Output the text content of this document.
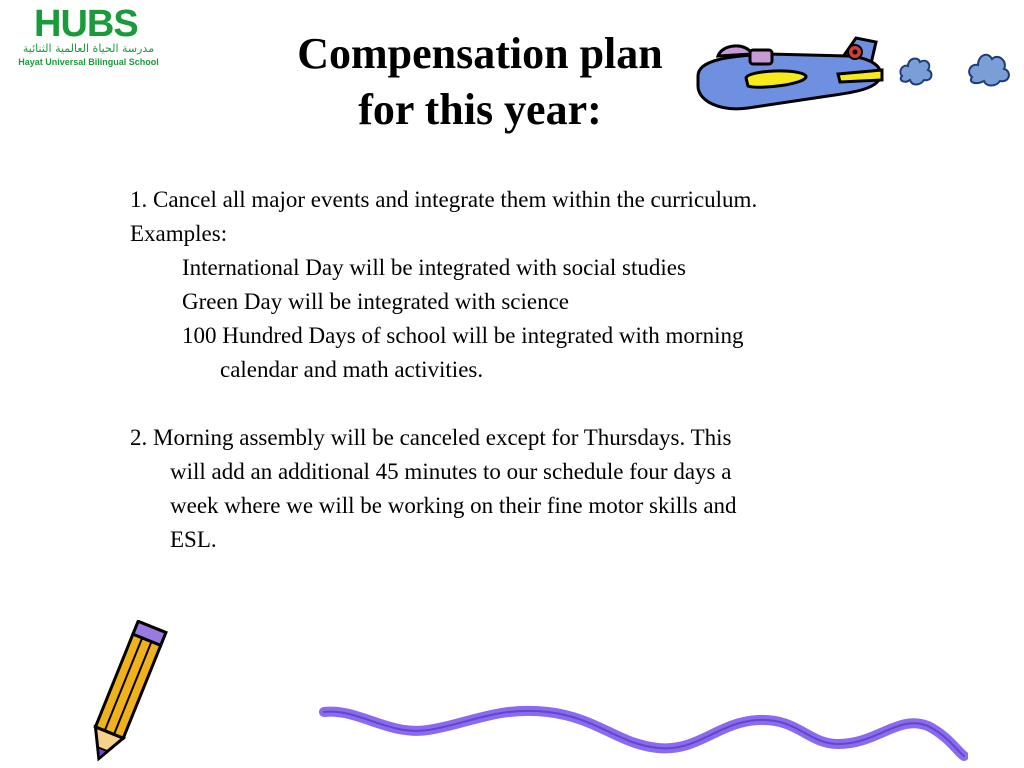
HUBS
مدرسة الحياة العالمية الثنائية
Hayat Universal Bilingual School	Compensation plan
for this year:
1. Cancel all major events and integrate them within the curriculum.
Examples:
International Day will be integrated with social studies
Green Day will be integrated with science
100 Hundred Days of school will be integrated with morning
calendar and math activities.
2. Morning assembly will be canceled except for Thursdays. This
will add an additional 45 minutes to our schedule four days a
week where we will be working on their fine motor skills and
ESL.
